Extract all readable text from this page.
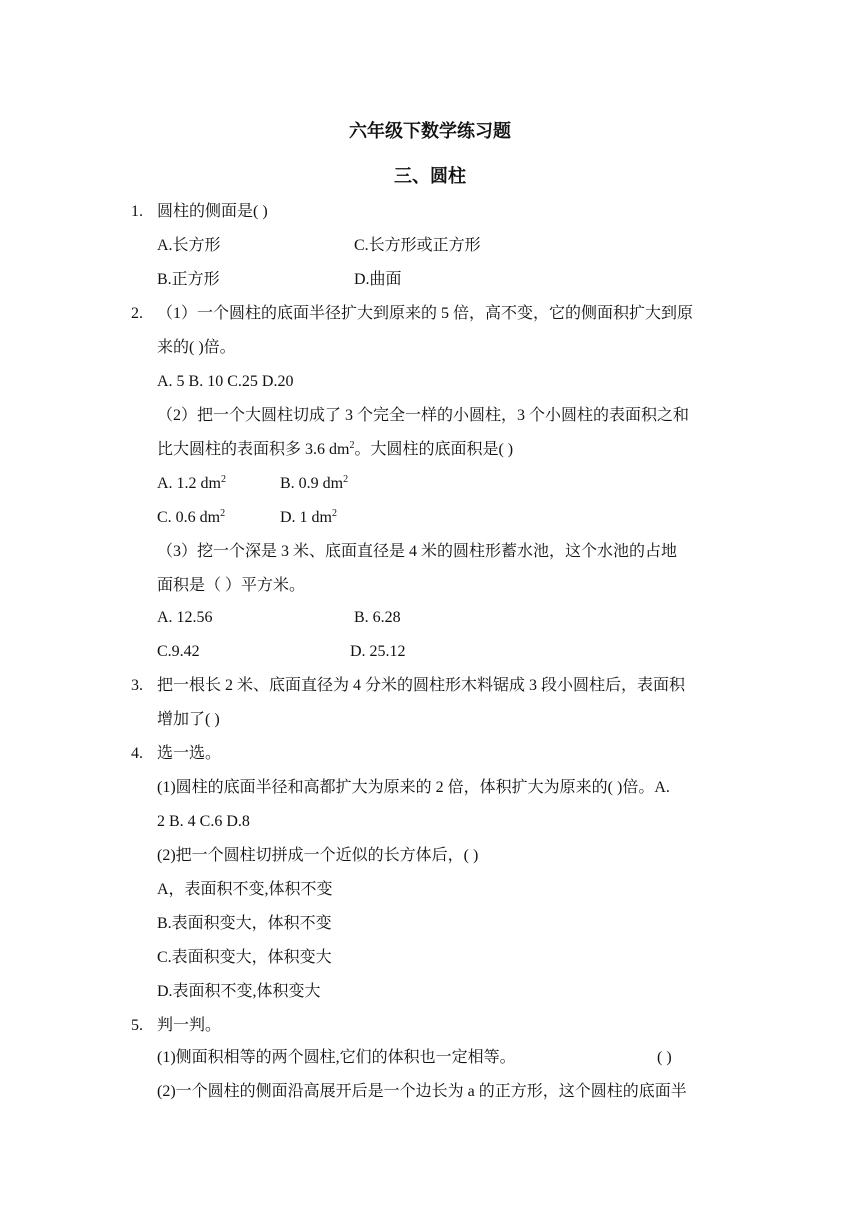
六年级下数学练习题
三、圆柱
1. 圆柱的侧面是( )
A.长方形	C.长方形或正方形
B.正方形	D.曲面
2. （1）一个圆柱的底面半径扩大到原来的 5 倍，高不变，它的侧面积扩大到原
来的( )倍。
A. 5 B. 10 C.25 D.20
（2）把一个大圆柱切成了 3 个完全一样的小圆柱，3 个小圆柱的表面积之和
比大圆柱的表面积多 3.6 $dm^2$。大圆柱的底面积是( )
A. 1.2 $dm^2$	B. 0.9 $dm^2$
C. 0.6 $dm^2$	D. 1 $dm^2$
（3）挖一个深是 3 米、底面直径是 4 米的圆柱形蓄水池，这个水池的占地
面积是（ ）平方米。
A. 12.56	B. 6.28
C.9.42	D. 25.12
3. 把一根长 2 米、底面直径为 4 分米的圆柱形木料锯成 3 段小圆柱后，表面积
增加了( )
4. 选一选。
(1)圆柱的底面半径和高都扩大为原来的 2 倍，体积扩大为原来的( )倍。A.
2 B. 4 C.6 D.8
(2)把一个圆柱切拼成一个近似的长方体后，( )
A，表面积不变,体积不变
B.表面积变大，体积不变
C.表面积变大，体积变大
D.表面积不变,体积变大
5. 判一判。
(1)侧面积相等的两个圆柱,它们的体积也一定相等。	( )
(2)一个圆柱的侧面沿高展开后是一个边长为 a 的正方形，这个圆柱的底面半
